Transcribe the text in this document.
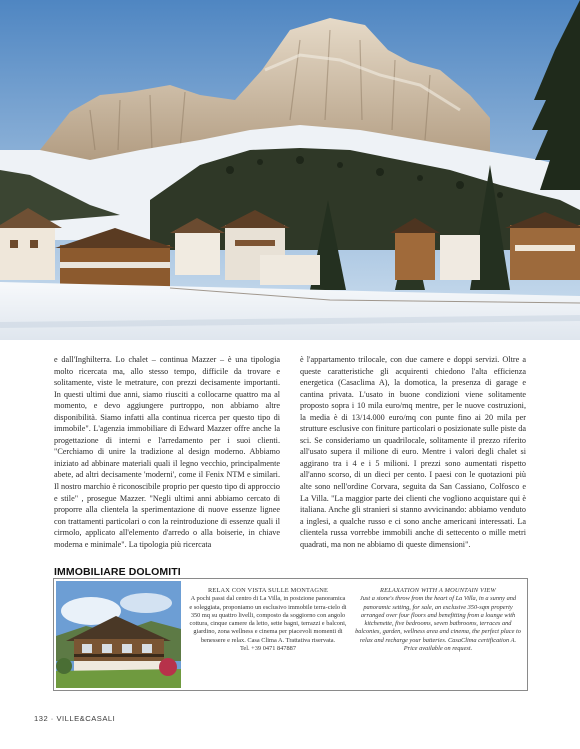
e dall'Inghilterra. Lo chalet – continua Mazzer – è una tipologia molto ricercata ma, allo stesso tempo, difficile da trovare e solitamente, viste le metrature, con prezzi decisamente importanti. In questi ultimi due anni, siamo riusciti a collocarne quattro ma al momento, e devo aggiungere purtroppo, non abbiamo altre disponibilità. Siamo infatti alla continua ricerca per questo tipo di immobile". L'agenzia immobiliare di Edward Mazzer offre anche la progettazione di interni e l'arredamento per i suoi clienti. "Cerchiamo di unire la tradizione al design moderno. Abbiamo iniziato ad abbinare materiali quali il legno vecchio, principalmente abete, ad altri decisamente 'moderni', come il Fenix NTM e similari. Il nostro marchio è riconoscibile proprio per questo tipo di approccio e stile" , prosegue Mazzer. "Negli ultimi anni abbiamo cercato di proporre alla clientela la sperimentazione di nuove essenze lignee con trattamenti particolari o con la reintroduzione di essenze quali il cirmolo, applicato all'elemento d'arredo o alla boiserie, in chiave moderna e minimale". La tipologia più ricercata

è l'appartamento trilocale, con due camere e doppi servizi. Oltre a queste caratteristiche gli acquirenti chiedono l'alta efficienza energetica (Casaclima A), la domotica, la presenza di garage e cantina privata. L'usato in buone condizioni viene solitamente proposto sopra i 10 mila euro/mq mentre, per le nuove costruzioni, la media è di 13/14.000 euro/mq con punte fino ai 20 mila per strutture esclusive con finiture particolari o posizionate sulle piste da sci. Se consideriamo un quadrilocale, solitamente il prezzo riferito all'usato supera il milione di euro. Mentre i valori degli chalet si aggirano tra i 4 e i 5 milioni. I prezzi sono aumentati rispetto all'anno scorso, di un dieci per cento. I paesi con le quotazioni più alte sono nell'ordine Corvara, seguita da San Cassiano, Colfosco e La Villa. "La maggior parte dei clienti che vogliono acquistare qui è italiana. Anche gli stranieri si stanno avvicinando: abbiamo venduto a inglesi, a qualche russo e ci sono anche americani interessati. La clientela russa vorrebbe immobili anche di settecento o mille metri quadrati, ma non ne abbiamo di queste dimensioni".

IMMOBILIARE DOLOMITI
RELAX CON VISTA SULLE MONTAGNE
A pochi passi dal centro di La Villa, in posizione panoramica e soleggiata, proponiamo un esclusivo immobile terra-cielo di 350 mq su quattro livelli, composto da soggiorno con angolo cottura, cinque camere da letto, sette bagni, terrazzi e balconi, giardino, zona wellness e cinema per piacevoli momenti di benessere e relax. Casa Clima A. Trattativa riservata.
Tel. +39 0471 847887
RELAXATION WITH A MOUNTAIN VIEW
Just a stone's throw from the heart of La Villa, in a sunny and panoramic setting, for sale, an exclusive 350-sqm property arranged over four floors and benefitting from a lounge with kitchenette, five bedrooms, seven bathrooms, terraces and balconies, garden, wellness area and cinema, the perfect place to relax and recharge your batteries. CasaClima certification A. Price available on request.
132 · VILLE&CASALI
